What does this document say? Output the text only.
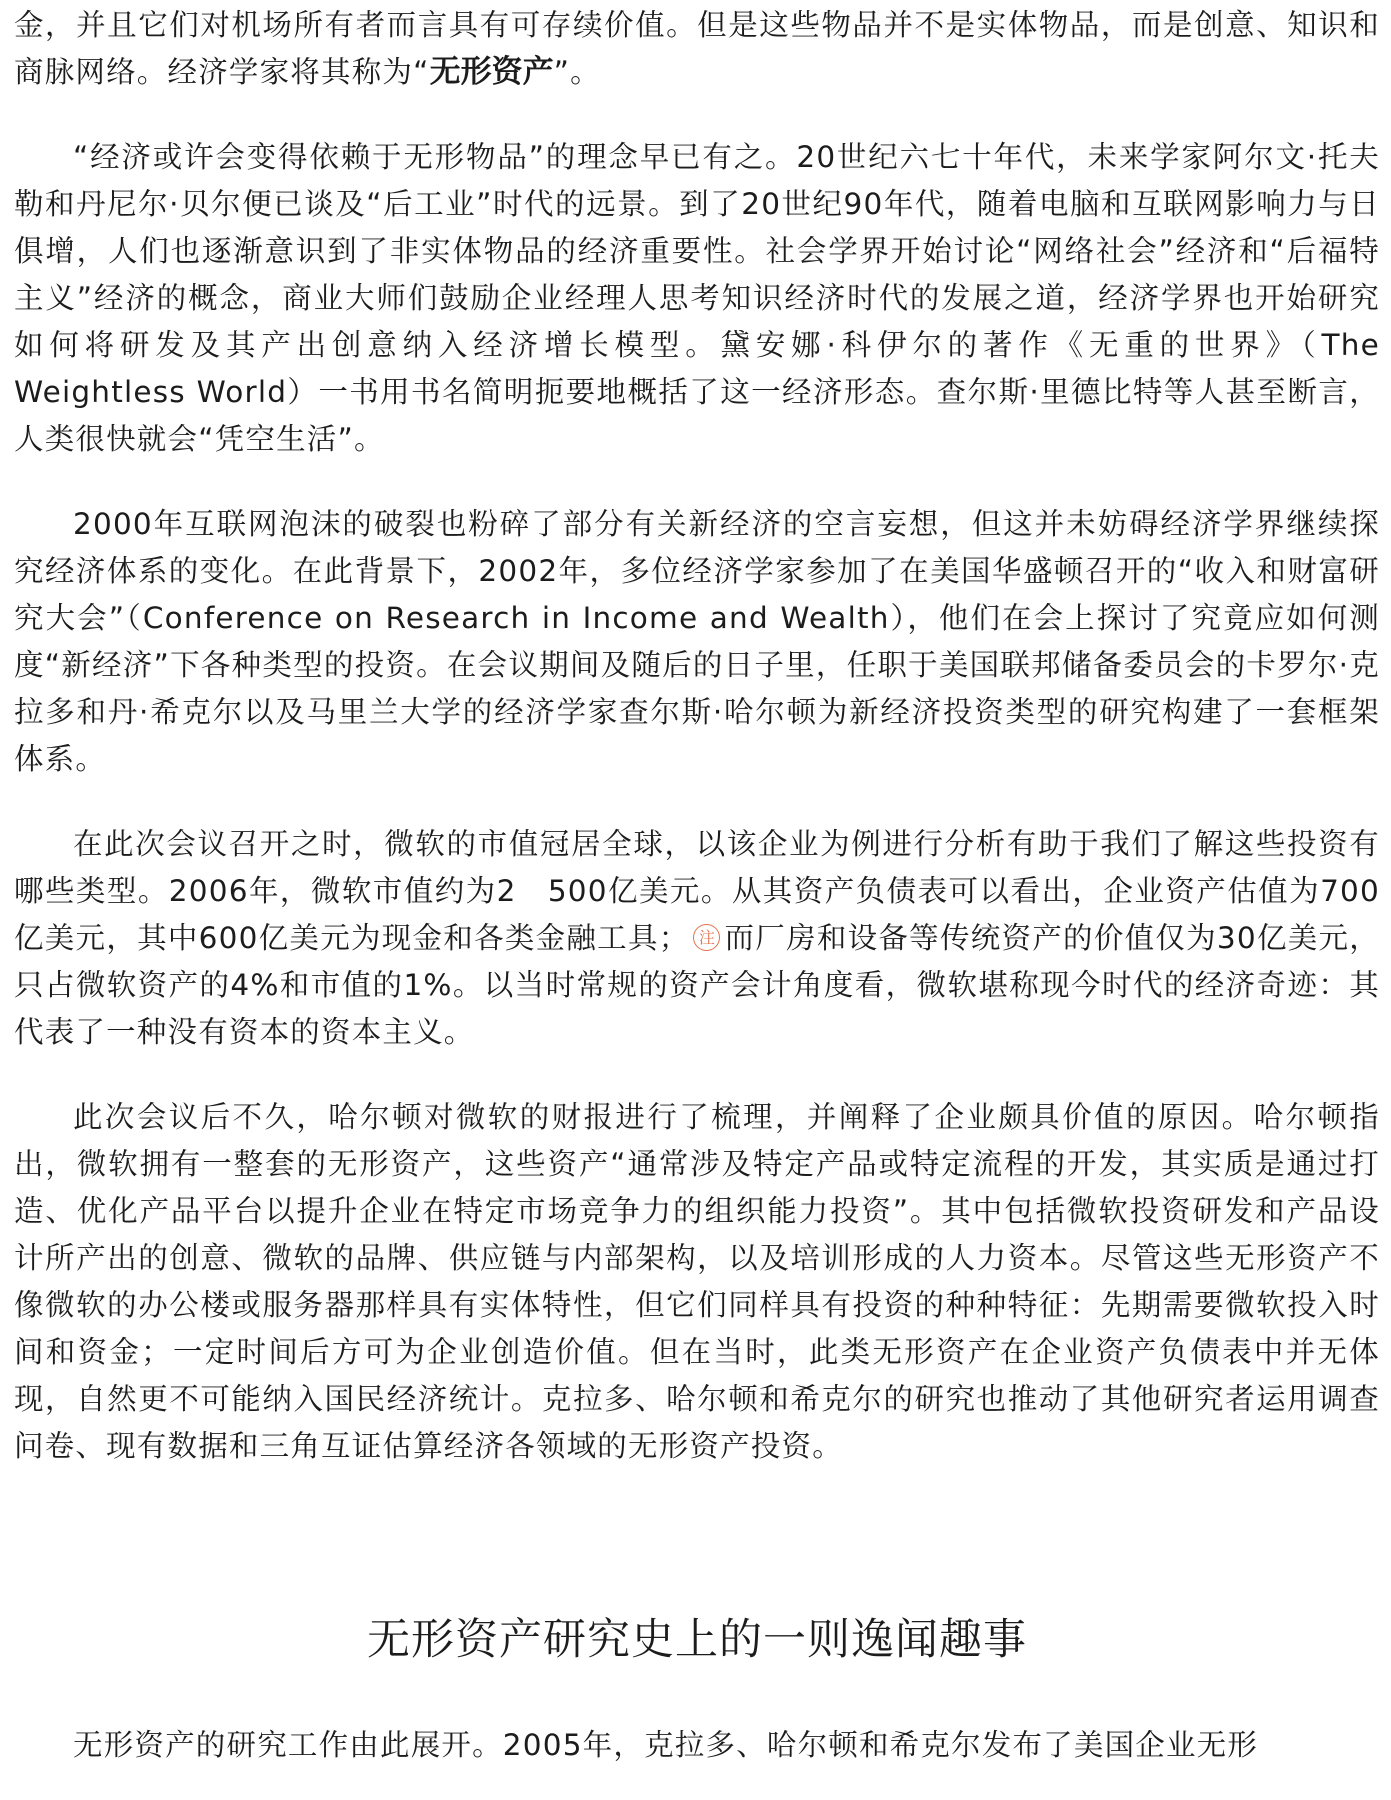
金，并且它们对机场所有者而言具有可存续价值。但是这些物品并不是实体物品，而是创意、知识和商脉网络。经济学家将其称为“无形资产”。

“经济或许会变得依赖于无形物品”的理念早已有之。20世纪六七十年代，未来学家阿尔文·托夫勒和丹尼尔·贝尔便已谈及“后工业”时代的远景。到了20世纪90年代，随着电脑和互联网影响力与日俱增，人们也逐渐意识到了非实体物品的经济重要性。社会学界开始讨论“网络社会”经济和“后福特主义”经济的概念，商业大师们鼓励企业经理人思考知识经济时代的发展之道，经济学界也开始研究如何将研发及其产出创意纳入经济增长模型。黛安娜·科伊尔的著作《无重的世界》（The Weightless World）一书用书名简明扼要地概括了这一经济形态。查尔斯·里德比特等人甚至断言，人类很快就会“凭空生活”。

2000年互联网泡沫的破裂也粉碎了部分有关新经济的空言妄想，但这并未妨碍经济学界继续探究经济体系的变化。在此背景下，2002年，多位经济学家参加了在美国华盛顿召开的“收入和财富研究大会”（Conference on Research in Income and Wealth），他们在会上探讨了究竟应如何测度“新经济”下各种类型的投资。在会议期间及随后的日子里，任职于美国联邦储备委员会的卡罗尔·克拉多和丹·希克尔以及马里兰大学的经济学家查尔斯·哈尔顿为新经济投资类型的研究构建了一套框架体系。

在此次会议召开之时，微软的市值冠居全球，以该企业为例进行分析有助于我们了解这些投资有哪些类型。2006年，微软市值约为2　500亿美元。从其资产负债表可以看出，企业资产估值为700亿美元，其中600亿美元为现金和各类金融工具； 注 而厂房和设备等传统资产的价值仅为30亿美元，只占微软资产的4%和市值的1%。以当时常规的资产会计角度看，微软堪称现今时代的经济奇迹：其代表了一种没有资本的资本主义。

此次会议后不久，哈尔顿对微软的财报进行了梳理，并阐释了企业颇具价值的原因。哈尔顿指出，微软拥有一整套的无形资产，这些资产“通常涉及特定产品或特定流程的开发，其实质是通过打造、优化产品平台以提升企业在特定市场竞争力的组织能力投资”。其中包括微软投资研发和产品设计所产出的创意、微软的品牌、供应链与内部架构，以及培训形成的人力资本。尽管这些无形资产不像微软的办公楼或服务器那样具有实体特性，但它们同样具有投资的种种特征：先期需要微软投入时间和资金；一定时间后方可为企业创造价值。但在当时，此类无形资产在企业资产负债表中并无体现，自然更不可能纳入国民经济统计。克拉多、哈尔顿和希克尔的研究也推动了其他研究者运用调查问卷、现有数据和三角互证估算经济各领域的无形资产投资。

无形资产研究史上的一则逸闻趣事

无形资产的研究工作由此展开。2005年，克拉多、哈尔顿和希克尔发布了美国企业无形
